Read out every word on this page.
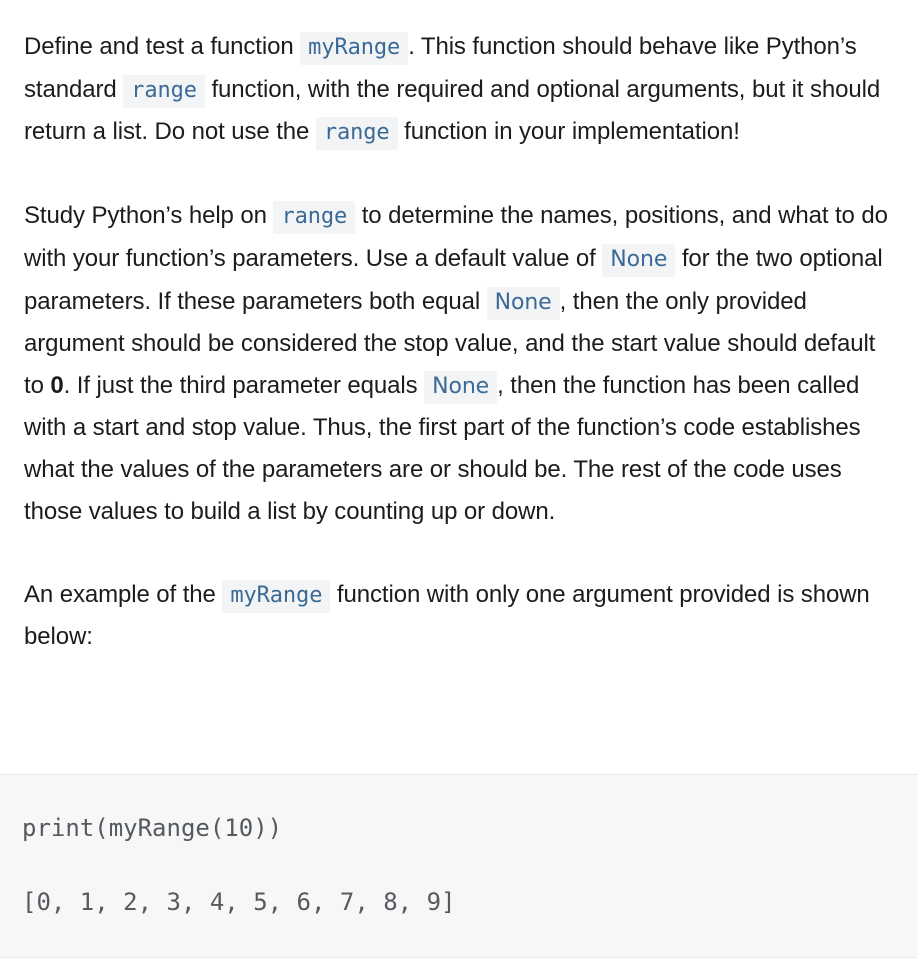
Define and test a function myRange . This function should behave like Python’s standard range function, with the required and optional arguments, but it should return a list. Do not use the range function in your implementation!

Study Python’s help on range to determine the names, positions, and what to do with your function’s parameters. Use a default value of None for the two optional parameters. If these parameters both equal None , then the only provided argument should be considered the stop value, and the start value should default to 0. If just the third parameter equals None , then the function has been called with a start and stop value. Thus, the first part of the function’s code establishes what the values of the parameters are or should be. The rest of the code uses those values to build a list by counting up or down.

An example of the myRange function with only one argument provided is shown below:

print(myRange(10))
[0, 1, 2, 3, 4, 5, 6, 7, 8, 9]
